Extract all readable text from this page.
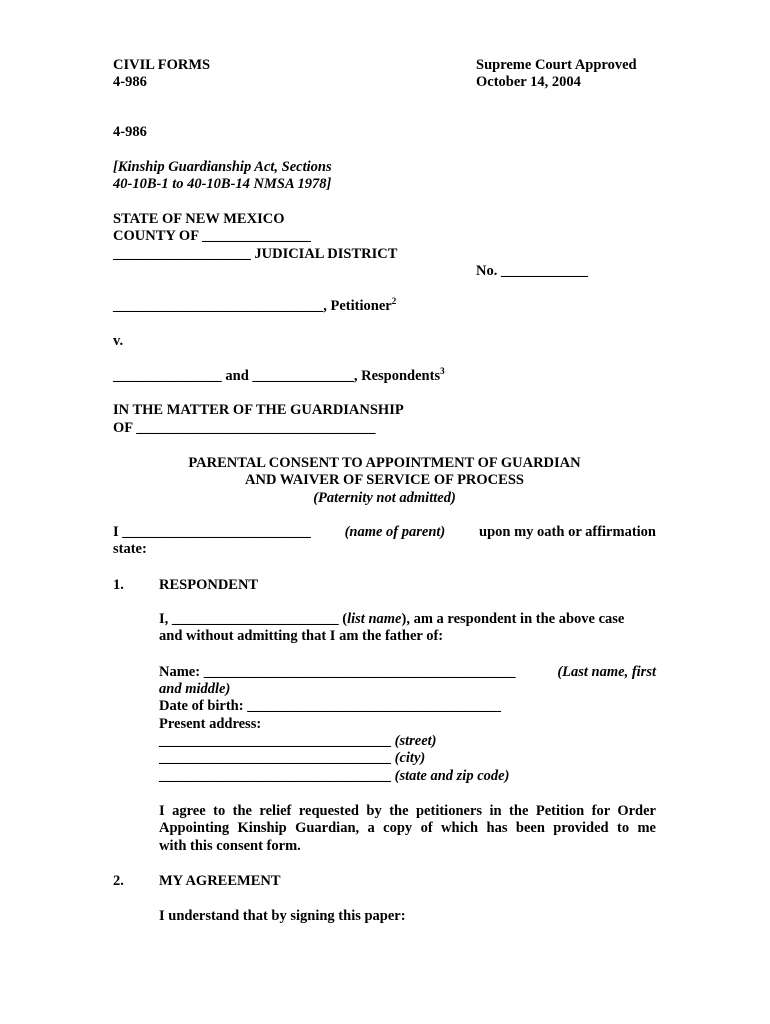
CIVIL FORMS
4-986
Supreme Court Approved
October 14, 2004
4-986
[Kinship Guardianship Act, Sections
40-10B-1 to 40-10B-14 NMSA 1978]
STATE OF NEW MEXICO
COUNTY OF _______________
___________________ JUDICIAL DISTRICT
No. ____________
_____________________________, Petitioner$^2$
v.
_______________ and ______________, Respondents$^3$
IN THE MATTER OF THE GUARDIANSHIP
OF _________________________________
PARENTAL CONSENT TO APPOINTMENT OF GUARDIAN
AND WAIVER OF SERVICE OF PROCESS
(Paternity not admitted)
I __________________________ (name of parent) upon my oath or affirmation
state:
1. RESPONDENT
I, _______________________ (list name), am a respondent in the above case
and without admitting that I am the father of:
Name: ___________________________________________	(Last name, first
and middle)
Date of birth: ___________________________________
Present address:
________________________________ (street)
________________________________ (city)
________________________________ (state and zip code)
I agree to the relief requested by the petitioners in the Petition for Order
Appointing Kinship Guardian, a copy of which has been provided to me
with this consent form.
2. MY AGREEMENT
I understand that by signing this paper:
